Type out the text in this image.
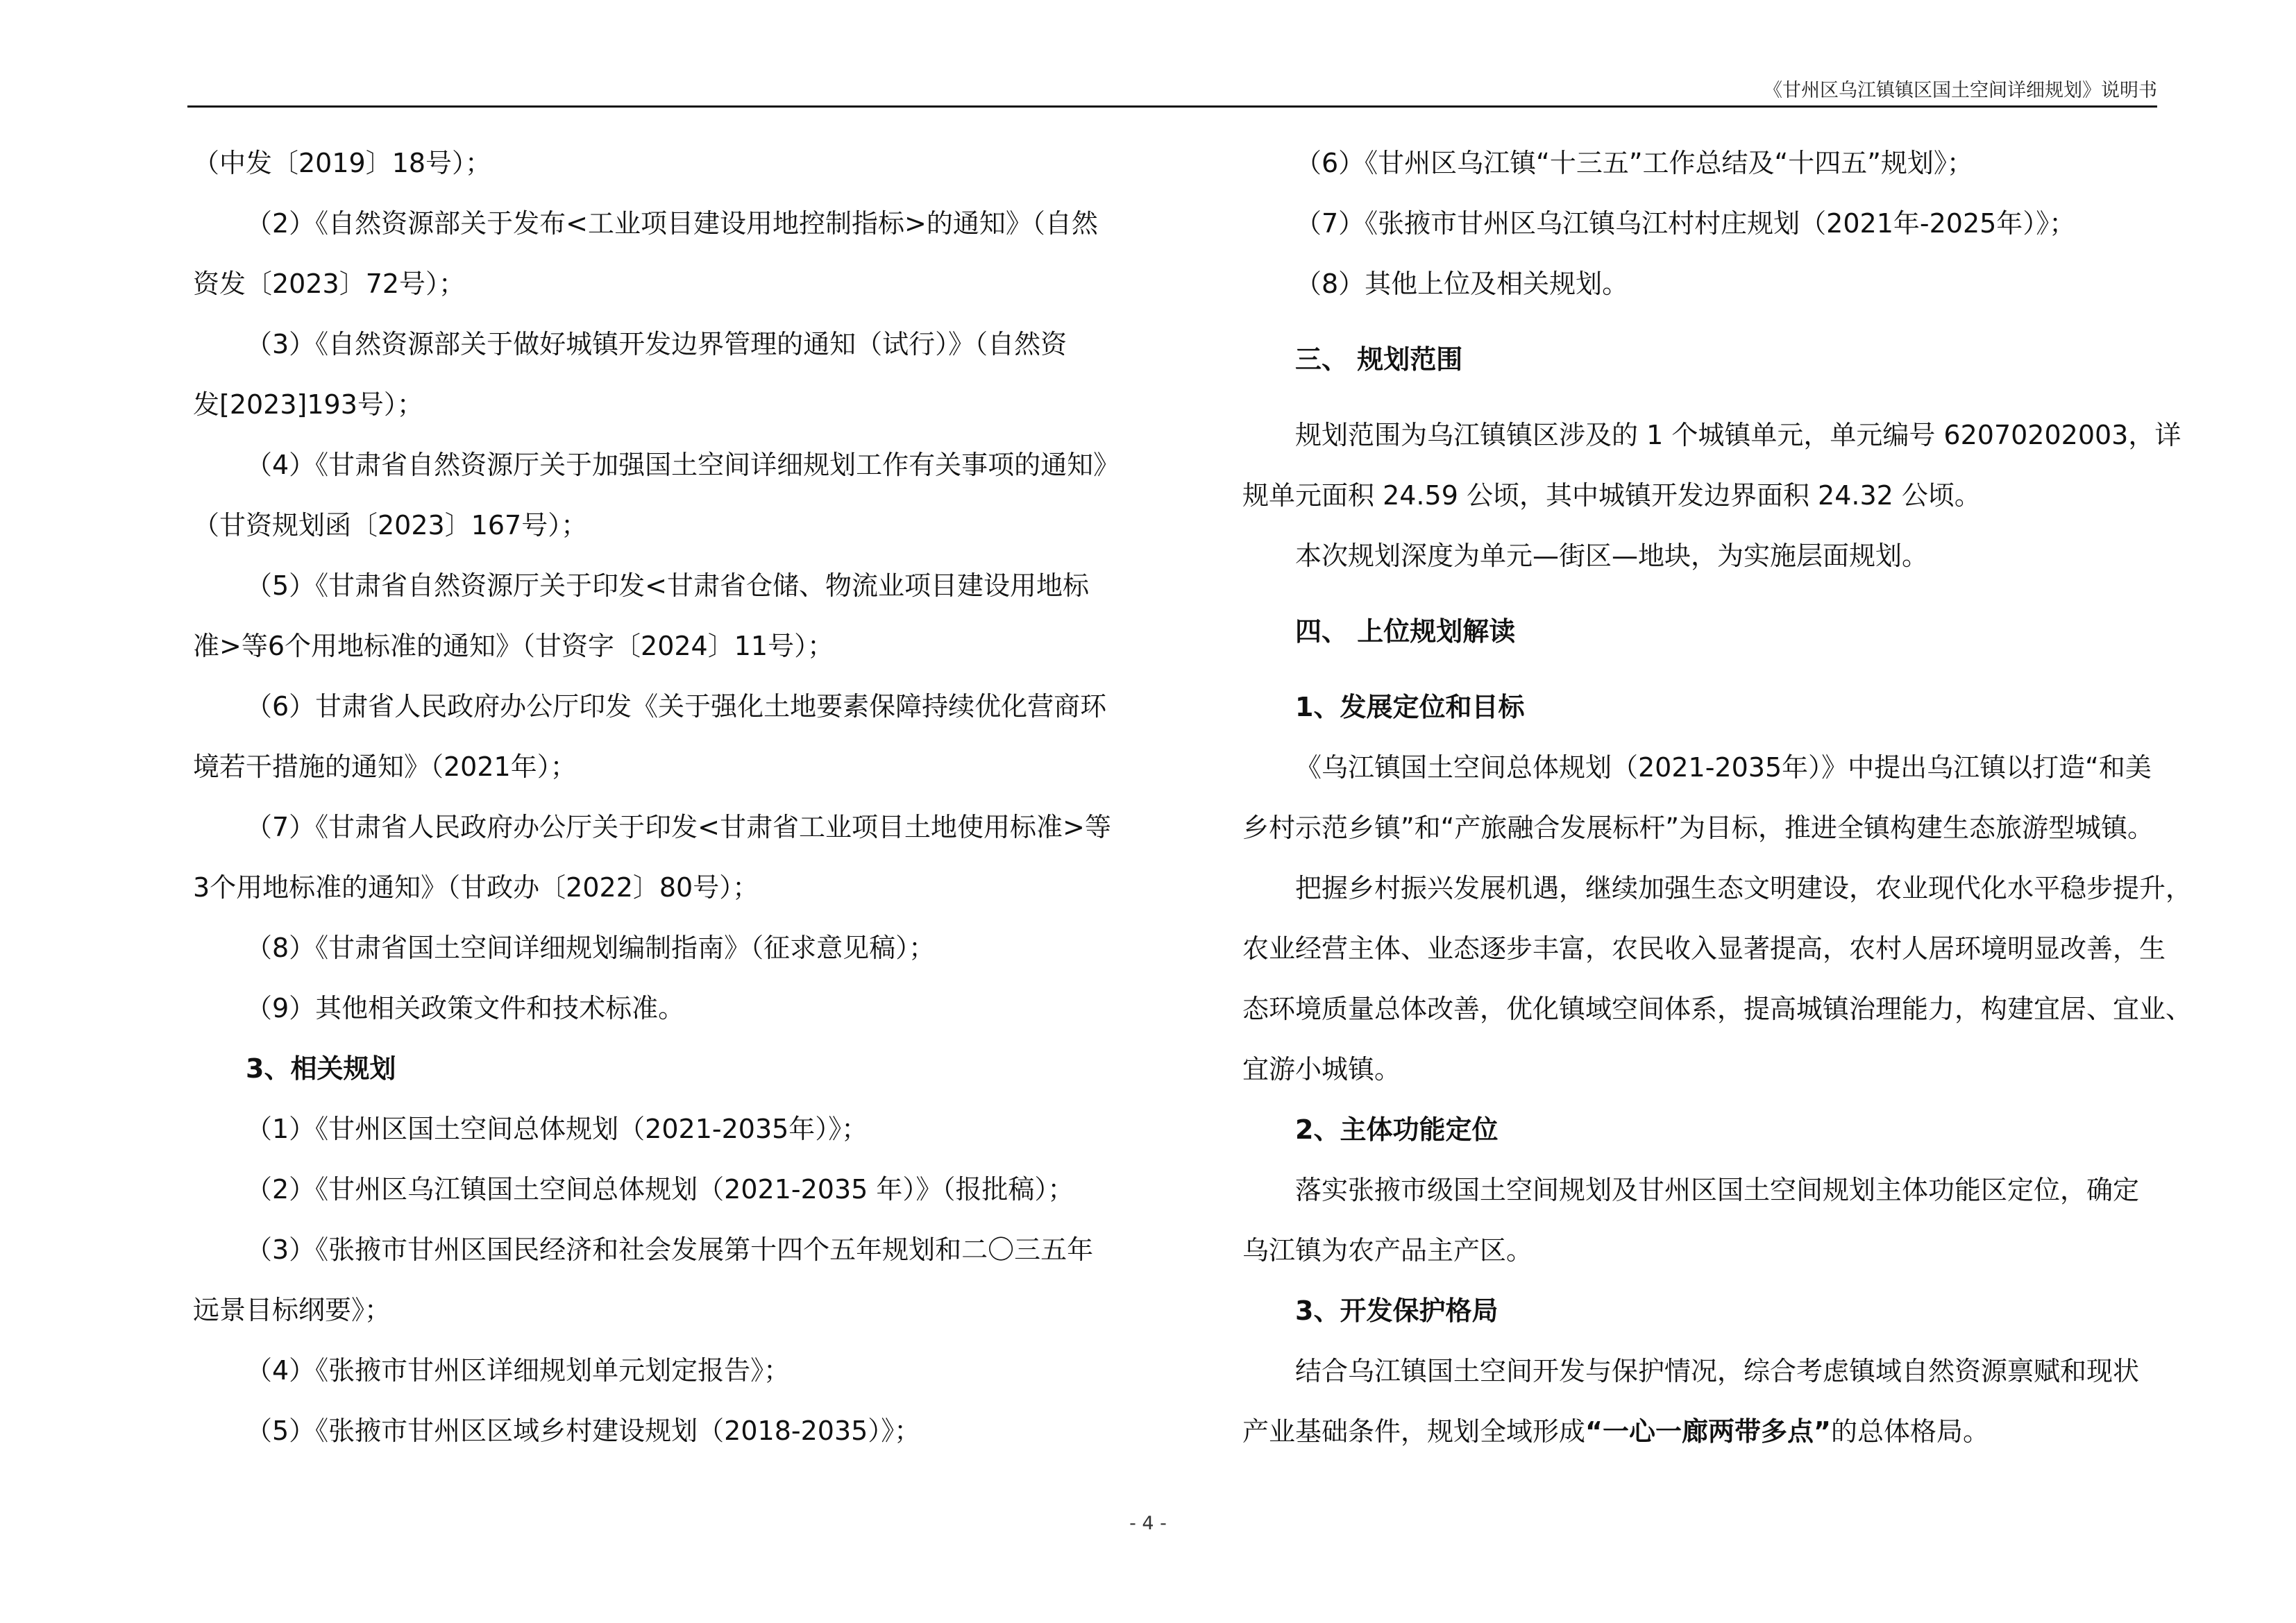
《甘州区乌江镇镇区国土空间详细规划》说明书

（中发〔2019〕18号）；

（2）《自然资源部关于发布<工业项目建设用地控制指标>的通知》（自然

资发〔2023〕72号）；

（3）《自然资源部关于做好城镇开发边界管理的通知（试行）》（自然资

发[2023]193号）；

（4）《甘肃省自然资源厅关于加强国土空间详细规划工作有关事项的通知》

（甘资规划函〔2023〕167号）；

（5）《甘肃省自然资源厅关于印发<甘肃省仓储、物流业项目建设用地标

准>等6个用地标准的通知》（甘资字〔2024〕11号）；

（6）甘肃省人民政府办公厅印发《关于强化土地要素保障持续优化营商环

境若干措施的通知》（2021年）；

（7）《甘肃省人民政府办公厅关于印发<甘肃省工业项目土地使用标准>等

3个用地标准的通知》（甘政办〔2022〕80号）；

（8）《甘肃省国土空间详细规划编制指南》（征求意见稿）；

（9）其他相关政策文件和技术标准。

3、相关规划

（1）《甘州区国土空间总体规划（2021-2035年）》；

（2）《甘州区乌江镇国土空间总体规划（2021-2035 年）》（报批稿）；

（3）《张掖市甘州区国民经济和社会发展第十四个五年规划和二〇三五年

远景目标纲要》；

（4）《张掖市甘州区详细规划单元划定报告》；

（5）《张掖市甘州区区域乡村建设规划（2018-2035）》；

（6）《甘州区乌江镇“十三五”工作总结及“十四五”规划》；

（7）《张掖市甘州区乌江镇乌江村村庄规划（2021年-2025年）》；

（8）其他上位及相关规划。

三、 规划范围

规划范围为乌江镇镇区涉及的 1 个城镇单元，单元编号 62070202003，详

规单元面积 24.59 公顷，其中城镇开发边界面积 24.32 公顷。

本次规划深度为单元—街区—地块，为实施层面规划。

四、 上位规划解读

1、发展定位和目标

《乌江镇国土空间总体规划（2021-2035年）》中提出乌江镇以打造“和美

乡村示范乡镇”和“产旅融合发展标杆”为目标，推进全镇构建生态旅游型城镇。

把握乡村振兴发展机遇，继续加强生态文明建设，农业现代化水平稳步提升，

农业经营主体、业态逐步丰富，农民收入显著提高，农村人居环境明显改善，生

态环境质量总体改善，优化镇域空间体系，提高城镇治理能力，构建宜居、宜业、

宜游小城镇。

2、主体功能定位

落实张掖市级国土空间规划及甘州区国土空间规划主体功能区定位，确定

乌江镇为农产品主产区。

3、开发保护格局

结合乌江镇国土空间开发与保护情况，综合考虑镇域自然资源禀赋和现状

产业基础条件，规划全域形成“一心一廊两带多点”的总体格局。

- 4 -
